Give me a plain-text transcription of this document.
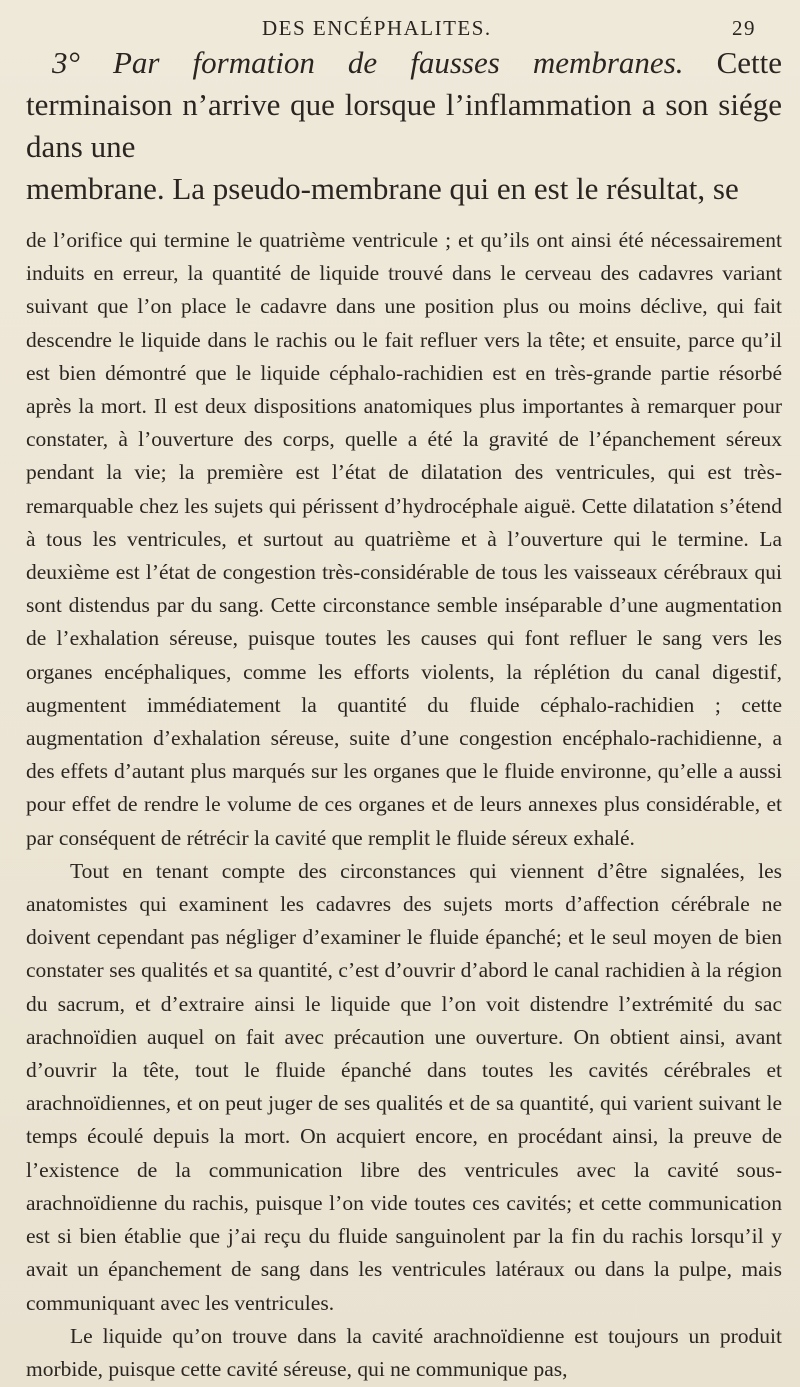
DES ENCÉPHALITES.	29

3° Par formation de fausses membranes. Cette terminaison n’arrive que lorsque l’inflammation a son siége dans une

membrane. La pseudo-membrane qui en est le résultat, se

de l’orifice qui termine le quatrième ventricule ; et qu’ils ont ainsi été nécessairement induits en erreur, la quantité de liquide trouvé dans le cerveau des cadavres variant suivant que l’on place le cadavre dans une position plus ou moins déclive, qui fait descendre le liquide dans le rachis ou le fait refluer vers la tête; et ensuite, parce qu’il est bien démontré que le liquide céphalo-rachidien est en très-grande partie résorbé après la mort. Il est deux dispositions anatomiques plus importantes à remarquer pour constater, à l’ouverture des corps, quelle a été la gravité de l’épanchement séreux pendant la vie; la première est l’état de dilatation des ventricules, qui est très-remarquable chez les sujets qui périssent d’hydrocéphale aiguë. Cette dilatation s’étend à tous les ventricules, et surtout au quatrième et à l’ouverture qui le termine. La deuxième est l’état de congestion très-considérable de tous les vaisseaux cérébraux qui sont distendus par du sang. Cette circonstance semble inséparable d’une augmentation de l’exhalation séreuse, puisque toutes les causes qui font refluer le sang vers les organes encéphaliques, comme les efforts violents, la réplétion du canal digestif, augmentent immédiatement la quantité du fluide céphalo-rachidien ; cette augmentation d’exhalation séreuse, suite d’une congestion encéphalo-rachidienne, a des effets d’autant plus marqués sur les organes que le fluide environne, qu’elle a aussi pour effet de rendre le volume de ces organes et de leurs annexes plus considérable, et par conséquent de rétrécir la cavité que remplit le fluide séreux exhalé.

Tout en tenant compte des circonstances qui viennent d’être signalées, les anatomistes qui examinent les cadavres des sujets morts d’affection cérébrale ne doivent cependant pas négliger d’examiner le fluide épanché; et le seul moyen de bien constater ses qualités et sa quantité, c’est d’ouvrir d’abord le canal rachidien à la région du sacrum, et d’extraire ainsi le liquide que l’on voit distendre l’extrémité du sac arachnoïdien auquel on fait avec précaution une ouverture. On obtient ainsi, avant d’ouvrir la tête, tout le fluide épanché dans toutes les cavités cérébrales et arachnoïdiennes, et on peut juger de ses qualités et de sa quantité, qui varient suivant le temps écoulé depuis la mort. On acquiert encore, en procédant ainsi, la preuve de l’existence de la communication libre des ventricules avec la cavité sous-arachnoïdienne du rachis, puisque l’on vide toutes ces cavités; et cette communication est si bien établie que j’ai reçu du fluide sanguinolent par la fin du rachis lorsqu’il y avait un épanchement de sang dans les ventricules latéraux ou dans la pulpe, mais communiquant avec les ventricules.

Le liquide qu’on trouve dans la cavité arachnoïdienne est toujours un produit morbide, puisque cette cavité séreuse, qui ne communique pas,
